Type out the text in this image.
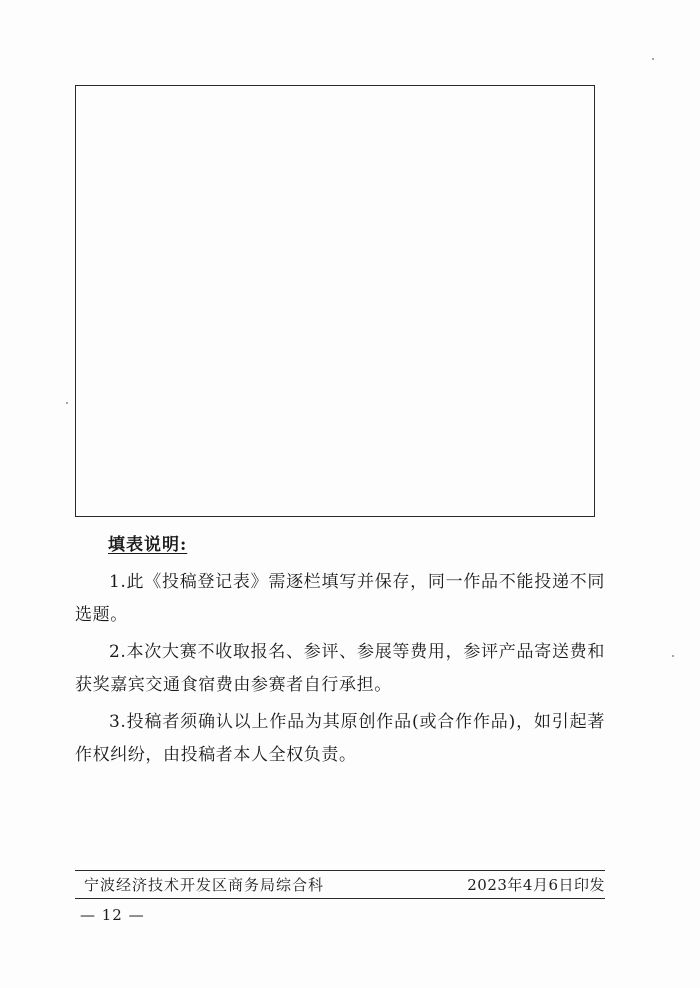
填表说明:

1.此《投稿登记表》需逐栏填写并保存，同一作品不能投递不同选题。

2.本次大赛不收取报名、参评、参展等费用，参评产品寄送费和获奖嘉宾交通食宿费由参赛者自行承担。

3.投稿者须确认以上作品为其原创作品(或合作作品)，如引起著作权纠纷，由投稿者本人全权负责。

宁波经济技术开发区商务局综合科	2023年4月6日印发
— 12 —
